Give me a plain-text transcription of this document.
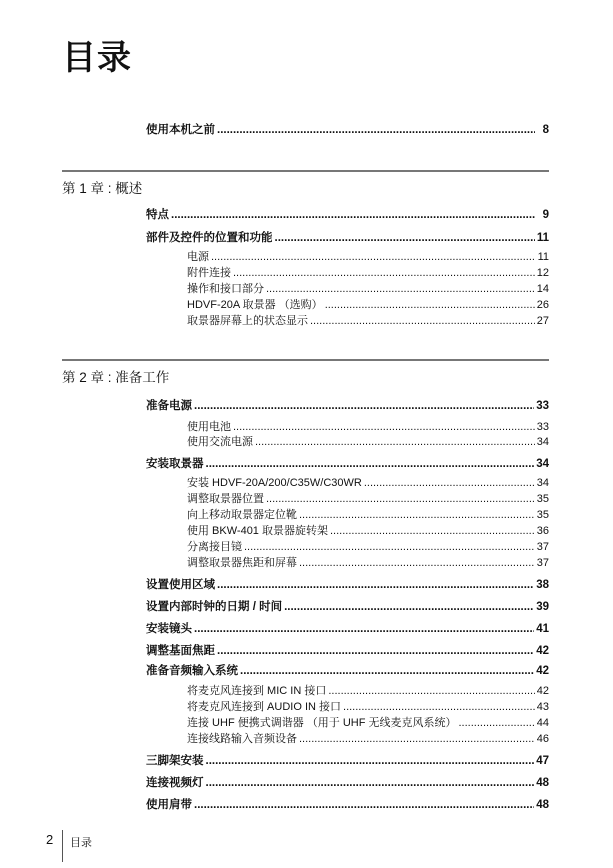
目录
第 1 章 : 概述
第 2 章 : 准备工作
使用本机之前 .....	8
特点 .....	9
部件及控件的位置和功能 .....	11
电源 .....	11
附件连接 .....	12
操作和接口部分 .....	14
HDVF-20A 取景器 （选购） .....	26
取景器屏幕上的状态显示 .....	27
准备电源 .....	33
使用电池 .....	33
使用交流电源 .....	34
安装取景器 .....	34
安装 HDVF-20A/200/C35W/C30WR .....	34
调整取景器位置 .....	35
向上移动取景器定位靴 .....	35
使用 BKW-401 取景器旋转架 .....	36
分离接目镜 .....	37
调整取景器焦距和屏幕 .....	37
设置使用区域 .....	38
设置内部时钟的日期 / 时间 .....	39
安装镜头 .....	41
调整基面焦距 .....	42
准备音频输入系统 .....	42
将麦克风连接到 MIC IN 接口 .....	42
将麦克风连接到 AUDIO IN 接口 .....	43
连接 UHF 便携式调谐器 （用于 UHF 无线麦克风系统） .....	44
连接线路输入音频设备 .....	46
三脚架安装 .....	47
连接视频灯 .....	48
使用肩带 .....	48
2 目录
